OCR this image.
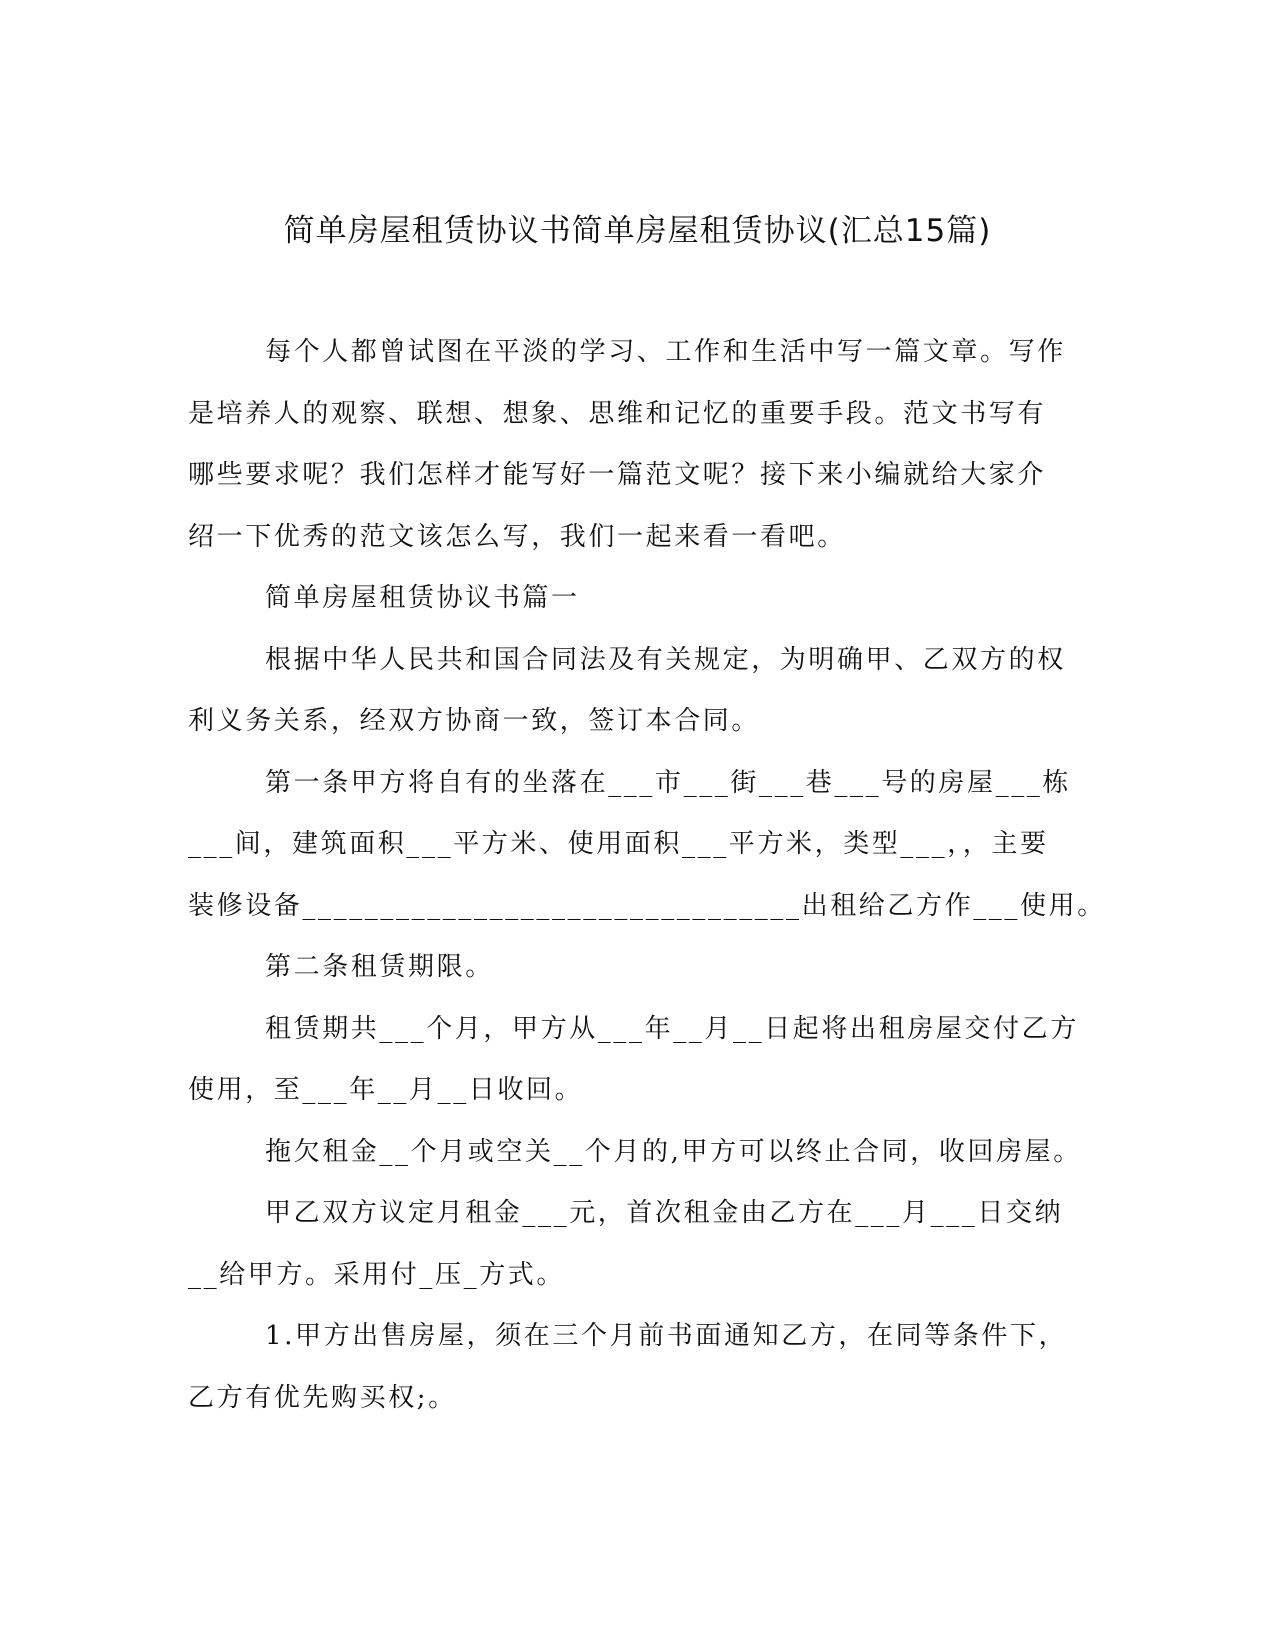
简单房屋租赁协议书简单房屋租赁协议(汇总15篇)

每个人都曾试图在平淡的学习、工作和生活中写一篇文章。写作

是培养人的观察、联想、想象、思维和记忆的重要手段。范文书写有

哪些要求呢？我们怎样才能写好一篇范文呢？接下来小编就给大家介

绍一下优秀的范文该怎么写，我们一起来看一看吧。

简单房屋租赁协议书篇一

根据中华人民共和国合同法及有关规定，为明确甲、乙双方的权

利义务关系，经双方协商一致，签订本合同。

第一条甲方将自有的坐落在___市___街___巷___号的房屋___栋

___间，建筑面积___平方米、使用面积___平方米，类型___，，主要

装修设备________________________________出租给乙方作___使用。

第二条租赁期限。

租赁期共___个月，甲方从___年__月__日起将出租房屋交付乙方

使用，至___年__月__日收回。

拖欠租金__个月或空关__个月的,甲方可以终止合同，收回房屋。

甲乙双方议定月租金___元，首次租金由乙方在___月___日交纳

__给甲方。采用付_压_方式。

1.甲方出售房屋，须在三个月前书面通知乙方，在同等条件下，

乙方有优先购买权;。
